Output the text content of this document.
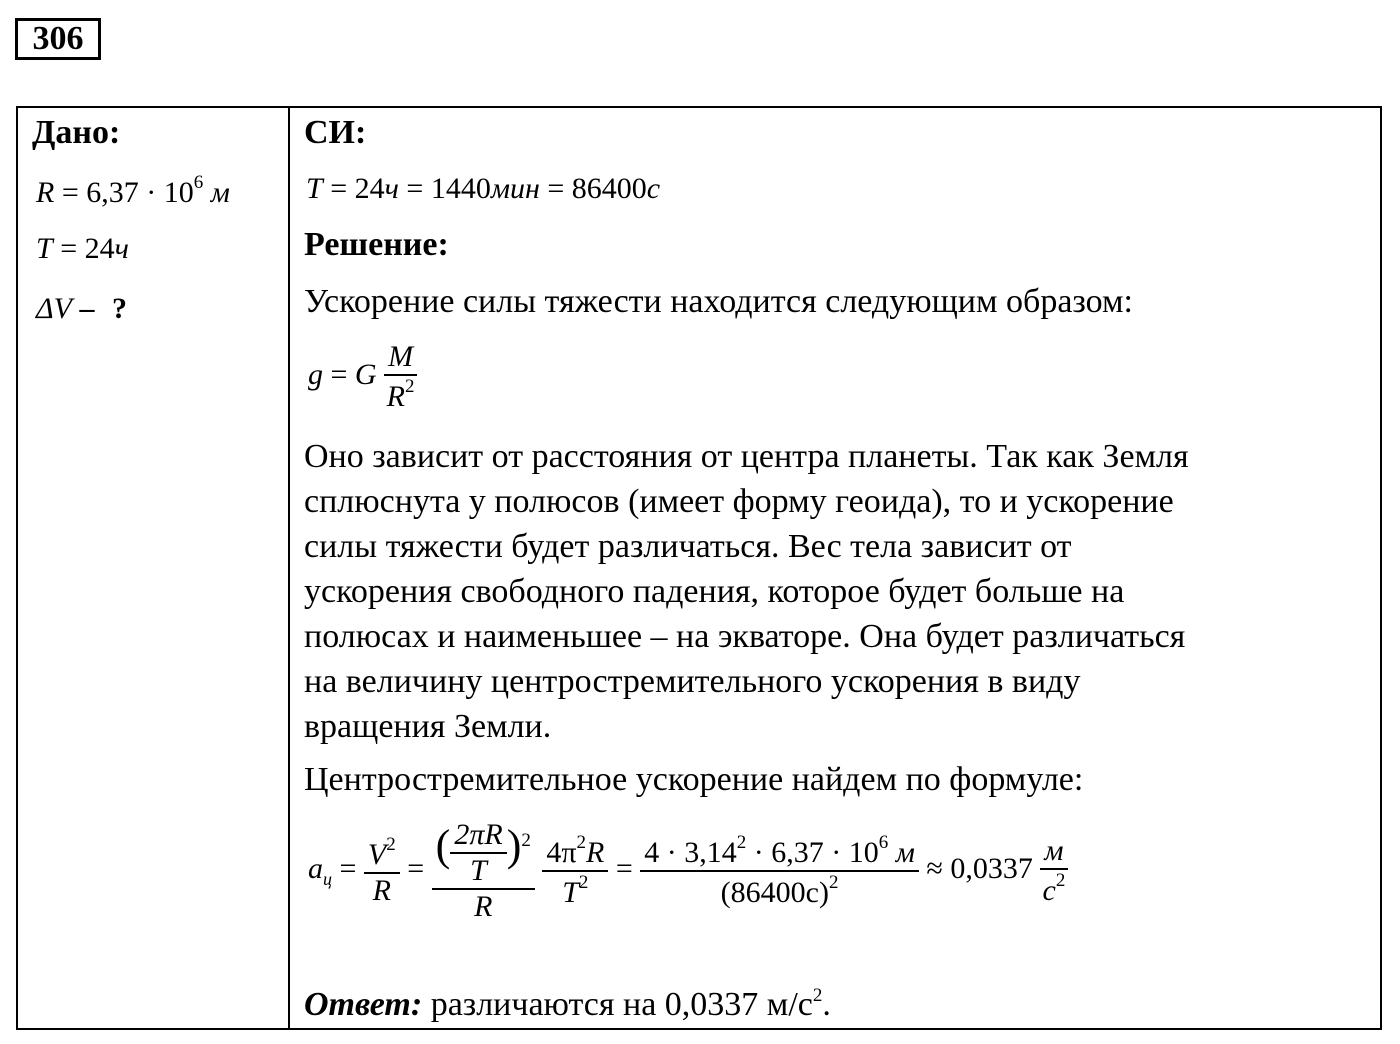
306
Дано:
$R = 6,37 \cdot 10^6$ м
T = 24ч
ΔV – ?
СИ:
T = 24ч = 1440мин = 86400с
Решение:
Ускорение силы тяжести находится следующим образом:
g = G $\frac{M}{R^2}$
Оно зависит от расстояния от центра планеты. Так как Земля
сплюснута у полюсов (имеет форму геоида), то и ускорение
силы тяжести будет различаться. Вес тела зависит от
ускорения свободного падения, которое будет больше на
полюсах и наименьшее – на экваторе. Она будет различаться
на величину центростремительного ускорения в виду
вращения Земли.
Центростремительное ускорение найдем по формуле:
$a_ц = \frac{V^2}{R} = \frac{( \frac{2\pi R}{T} )^2}{R}$
$\frac{4\pi^2R}{T^2} = \frac{4 \cdot 3,14^2 \cdot 6,37 \cdot 10^6 м}{(86400с)^2} \approx 0,0337 \frac{м}{с^2}$
Ответ: различаются на 0,0337 $м/с^2$.
